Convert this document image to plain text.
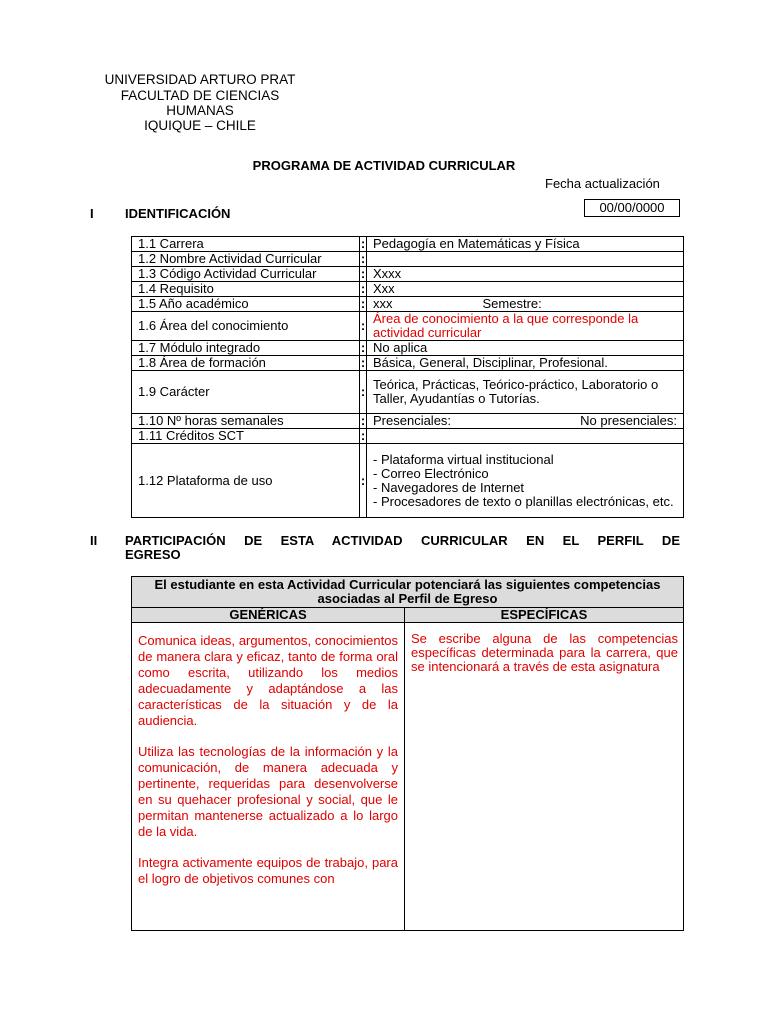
UNIVERSIDAD ARTURO PRAT
FACULTAD DE CIENCIAS
HUMANAS
IQUIQUE – CHILE
PROGRAMA DE ACTIVIDAD CURRICULAR
Fecha actualización
00/00/0000
I IDENTIFICACIÓN
1.1 Carrera	:	Pedagogía en Matemáticas y Física
1.2 Nombre Actividad Curricular	:	
1.3 Código Actividad Curricular	:	Xxxx
1.4 Requisito	:	Xxx
1.5 Año académico	:	xxx Semestre:
1.6 Área del conocimiento	:	Área de conocimiento a la que corresponde la actividad curricular
1.7 Módulo integrado	:	No aplica
1.8 Área de formación	:	Básica, General, Disciplinar, Profesional.
1.9 Carácter	:	Teórica, Prácticas, Teórico-práctico, Laboratorio o Taller, Ayudantías o Tutorías.
1.10 Nº horas semanales	:	Presenciales: No presenciales:

1.11 Créditos SCT	:	
1.12 Plataforma de uso	:	- Plataforma virtual institucional
- Correo Electrónico
- Navegadores de Internet
- Procesadores de texto o planillas electrónicas, etc.
II PARTICIPACIÓN DE ESTA ACTIVIDAD CURRICULAR EN EL PERFIL DE
EGRESO
El estudiante en esta Actividad Curricular potenciará las siguientes competencias asociadas al Perfil de Egreso	
GENÉRICAS	ESPECÍFICAS

Comunica ideas, argumentos, conocimientos de manera clara y eficaz, tanto de forma oral como escrita, utilizando los medios adecuadamente y adaptándose a las características de la situación y de la audiencia.

Utiliza las tecnologías de la información y la comunicación, de manera adecuada y pertinente, requeridas para desenvolverse en su quehacer profesional y social, que le permitan mantenerse actualizado a lo largo de la vida.

Integra activamente equipos de trabajo, para el logro de objetivos comunes con	Se escribe alguna de las competencias específicas determinada para la carrera, que se intencionará a través de esta asignatura
